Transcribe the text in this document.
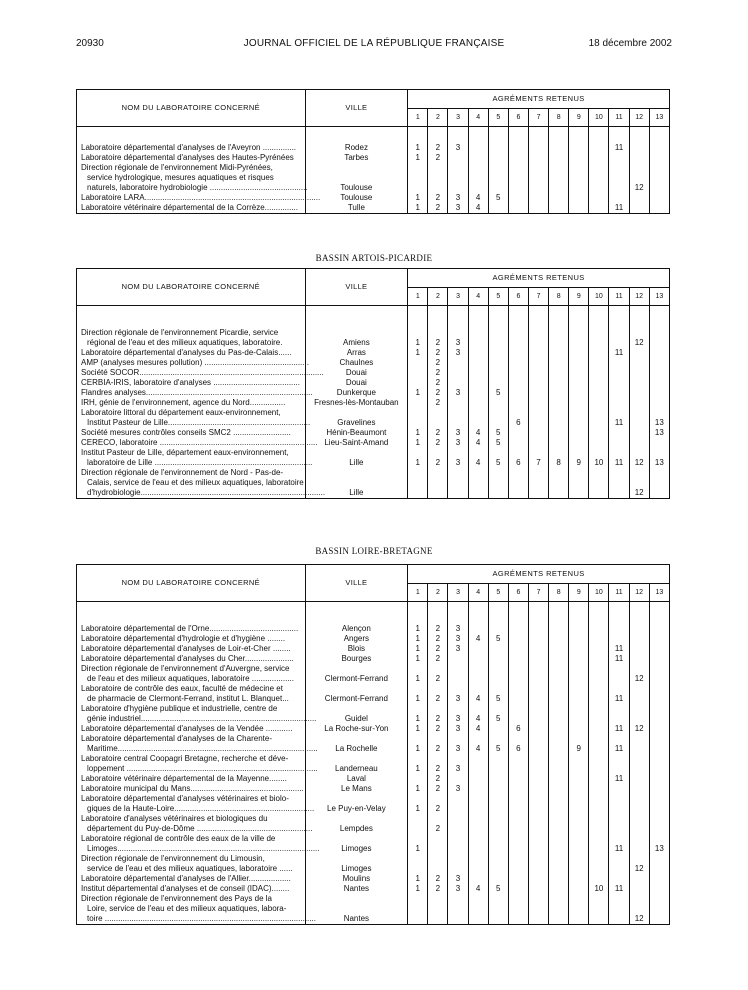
20930	JOURNAL OFFICIEL DE LA RÉPUBLIQUE FRANÇAISE	18 décembre 2002
BASSIN ARTOIS-PICARDIE
BASSIN LOIRE-BRETAGNE
NOM DU LABORATOIRE CONCERNÉ	VILLE	AGRÉMENTS RETENUS												
		1	2	3	4	5	6	7	8	9	10	11	12	13

Laboratoire départemental d'analyses de l'Aveyron ...............	Rodez	1	2	3								11		

Laboratoire départemental d'analyses des Hautes-Pyrénées	Tarbes	1	2											

Direction régionale de l'environnement Midi-Pyrénées,
service hydrologique, mesures aquatiques et risques
naturels, laboratoire hydrobiologie ............................................	Toulouse												12	

Laboratoire LARA...............................................................................	Toulouse	1	2	3	4	5								

Laboratoire vétérinaire départemental de la Corrèze...............	Tulle	1	2	3	4							11		
NOM DU LABORATOIRE CONCERNÉ	VILLE	AGRÉMENTS RETENUS												
		1	2	3	4	5	6	7	8	9	10	11	12	13

Direction régionale de l'environnement Picardie, service
régional de l'eau et des milieux aquatiques, laboratoire.	Amiens	1	2	3									12	

Laboratoire départemental d'analyses du Pas-de-Calais......	Arras	1	2	3								11		

AMP (analyses mesures pollution) ...............................................	Chaulnes		2											

Société SOCOR...................................................................................	Douai		2											

CERBIA-IRIS, laboratoire d'analyses .......................................	Douai		2											

Flandres analyses...........................................................................	Dunkerque	1	2	3		5								

IRH, génie de l'environnement, agence du Nord................	Fresnes-lès-Montauban		2											

Laboratoire littoral du département eaux-environnement,
Institut Pasteur de Lille................................................................	Gravelines						6					11		13

Société mesures contrôles conseils SMC2 ..........................	Hénin-Beaumont	1	2	3	4	5								13

CERECO, laboratoire .......................................................................	Lieu-Saint-Amand	1	2	3	4	5								

Institut Pasteur de Lille, département eaux-environnement,
laboratoire de Lille .......................................................................	Lille	1	2	3	4	5	6	7	8	9	10	11	12	13

Direction régionale de l'environnement de Nord - Pas-de-
Calais, service de l'eau et des milieux aquatiques, laboratoire
d'hydrobiologie...................................................................................	Lille												12	
NOM DU LABORATOIRE CONCERNÉ	VILLE	AGRÉMENTS RETENUS												
		1	2	3	4	5	6	7	8	9	10	11	12	13

Laboratoire départemental de l'Orne........................................	Alençon	1	2	3										

Laboratoire départemental d'hydrologie et d'hygiène ........	Angers	1	2	3	4	5								

Laboratoire départemental d'analyses de Loir-et-Cher ........	Blois	1	2	3								11		

Laboratoire départemental d'analyses du Cher......................	Bourges	1	2									11		

Direction régionale de l'environnement d'Auvergne, service
de l'eau et des milieux aquatiques, laboratoire ...................	Clermont-Ferrand	1	2										12	

Laboratoire de contrôle des eaux, faculté de médecine et
de pharmacie de Clermont-Ferrand, institut L. Blanquet...	Clermont-Ferrand	1	2	3	4	5						11		

Laboratoire d'hygiène publique et industrielle, centre de
génie industriel...............................................................................	Guidel	1	2	3	4	5								

Laboratoire départemental d'analyses de la Vendée ............	La Roche-sur-Yon	1	2	3	4		6					11	12	

Laboratoire départemental d'analyses de la Charente-
Maritime..........................................................................................	La Rochelle	1	2	3	4	5	6			9		11		

Laboratoire central Coopagri Bretagne, recherche et déve-
loppement ......................................................................................	Landerneau	1	2	3										

Laboratoire vétérinaire départemental de la Mayenne........	Laval		2									11		

Laboratoire municipal du Mans...................................................	Le Mans	1	2	3										

Laboratoire départemental d'analyses vétérinaires et biolo-
giques de la Haute-Loire...............................................................	Le Puy-en-Velay	1	2											

Laboratoire d'analyses vétérinaires et biologiques du
département du Puy-de-Dôme ....................................................	Lempdes		2											

Laboratoire régional de contrôle des eaux de la ville de
Limoges...........................................................................................	Limoges	1										11		13

Direction régionale de l'environnement du Limousin,
service de l'eau et des milieux aquatiques, laboratoire ......	Limoges												12	

Laboratoire départemental d'analyses de l'Allier...................	Moulins	1	2	3										

Institut départemental d'analyses et de conseil (IDAC)........	Nantes	1	2	3	4	5					10	11		

Direction régionale de l'environnement des Pays de la
Loire, service de l'eau et des milieux aquatiques, labora-
toire ...............................................................................................	Nantes												12	
